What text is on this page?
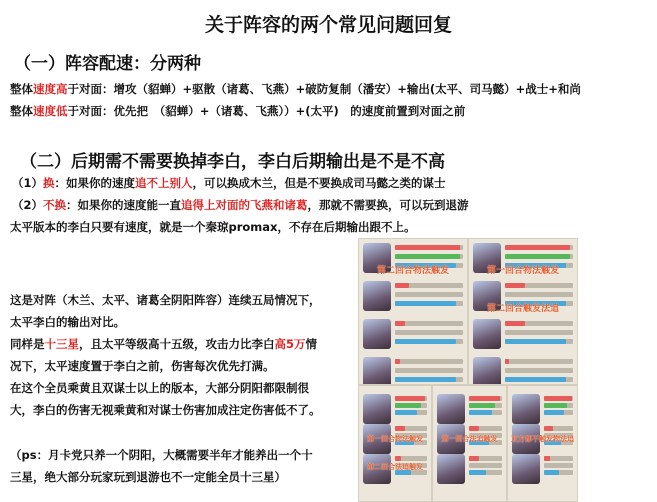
关于阵容的两个常见问题回复
（一）阵容配速：分两种
整体速度高于对面：增攻（貂蝉）+驱散（诸葛、飞燕）+破防复制（潘安）+输出(太平、司马懿）+战士+和尚
整体速度低于对面：优先把　（貂蝉）+（诸葛、飞燕））+(太平)　的速度前置到对面之前
（二）后期需不需要换掉李白，李白后期输出是不是不高
（1）换：如果你的速度追不上别人，可以换成木兰，但是不要换成司马懿之类的谋士
（2）不换：如果你的速度能一直追得上对面的飞燕和诸葛，那就不需要换，可以玩到退游
太平版本的李白只要有速度，就是一个秦琼promax，不存在后期输出跟不上。
这是对阵（木兰、太平、诸葛全阴阳阵容）连续五局情况下，
太平李白的输出对比。
同样是十三星，且太平等级高十五级，攻击力比李白高5万情
况下，太平速度置于李白之前，伤害每次优先打满。
在这个全员乘黄且双谋士以上的版本，大部分阴阳都限制很
大，李白的伤害无视乘黄和对谋士伤害加成注定伤害低不了。
（ps：月卡党只养一个阴阳，大概需要半年才能养出一个十
三星，绝大部分玩家玩到退游也不一定能全员十三星）
第二回合物法触发	第一回合物法触发
第二回合触发法追
第一回合物法触发
第二回合法追触发
第一回合法追触发	双方都不触发物法追
